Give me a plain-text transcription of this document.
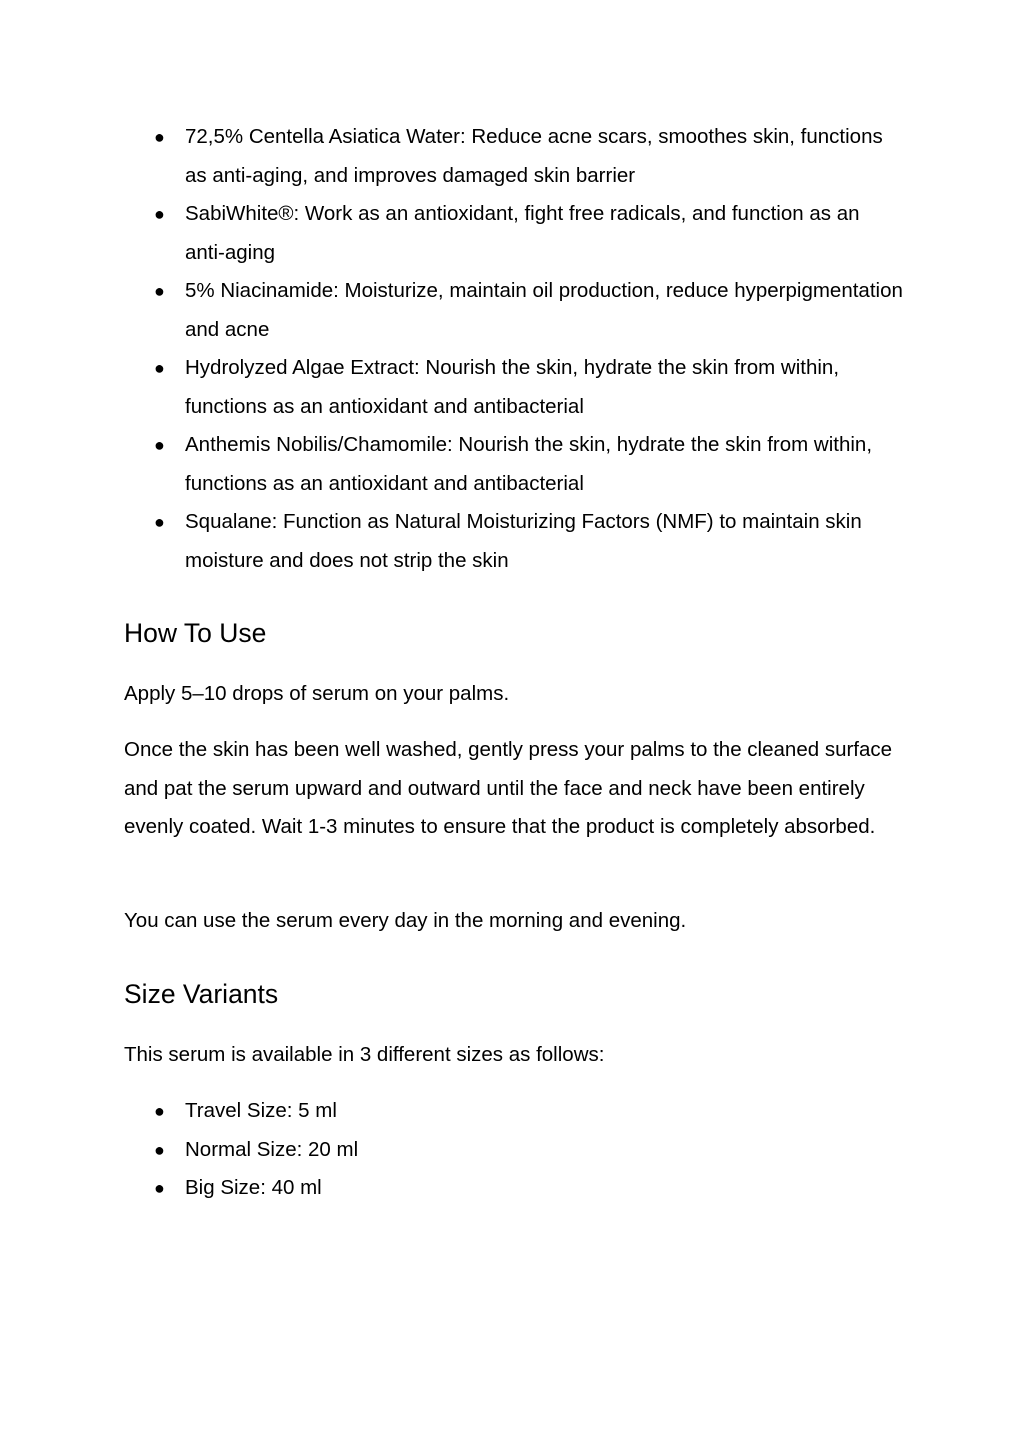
● 72,5% Centella Asiatica Water: Reduce acne scars, smoothes skin, functions as anti-aging, and improves damaged skin barrier
● SabiWhite®: Work as an antioxidant, fight free radicals, and function as an anti-aging
● 5% Niacinamide: Moisturize, maintain oil production, reduce hyperpigmentation and acne
● Hydrolyzed Algae Extract: Nourish the skin, hydrate the skin from within, functions as an antioxidant and antibacterial
● Anthemis Nobilis/Chamomile: Nourish the skin, hydrate the skin from within, functions as an antioxidant and antibacterial
● Squalane: Function as Natural Moisturizing Factors (NMF) to maintain skin moisture and does not strip the skin
How To Use

Apply 5–10 drops of serum on your palms.

Once the skin has been well washed, gently press your palms to the cleaned surface and pat the serum upward and outward until the face and neck have been entirely evenly coated. Wait 1-3 minutes to ensure that the product is completely absorbed.

You can use the serum every day in the morning and evening.

Size Variants

This serum is available in 3 different sizes as follows:

● Travel Size: 5 ml
● Normal Size: 20 ml
● Big Size: 40 ml
